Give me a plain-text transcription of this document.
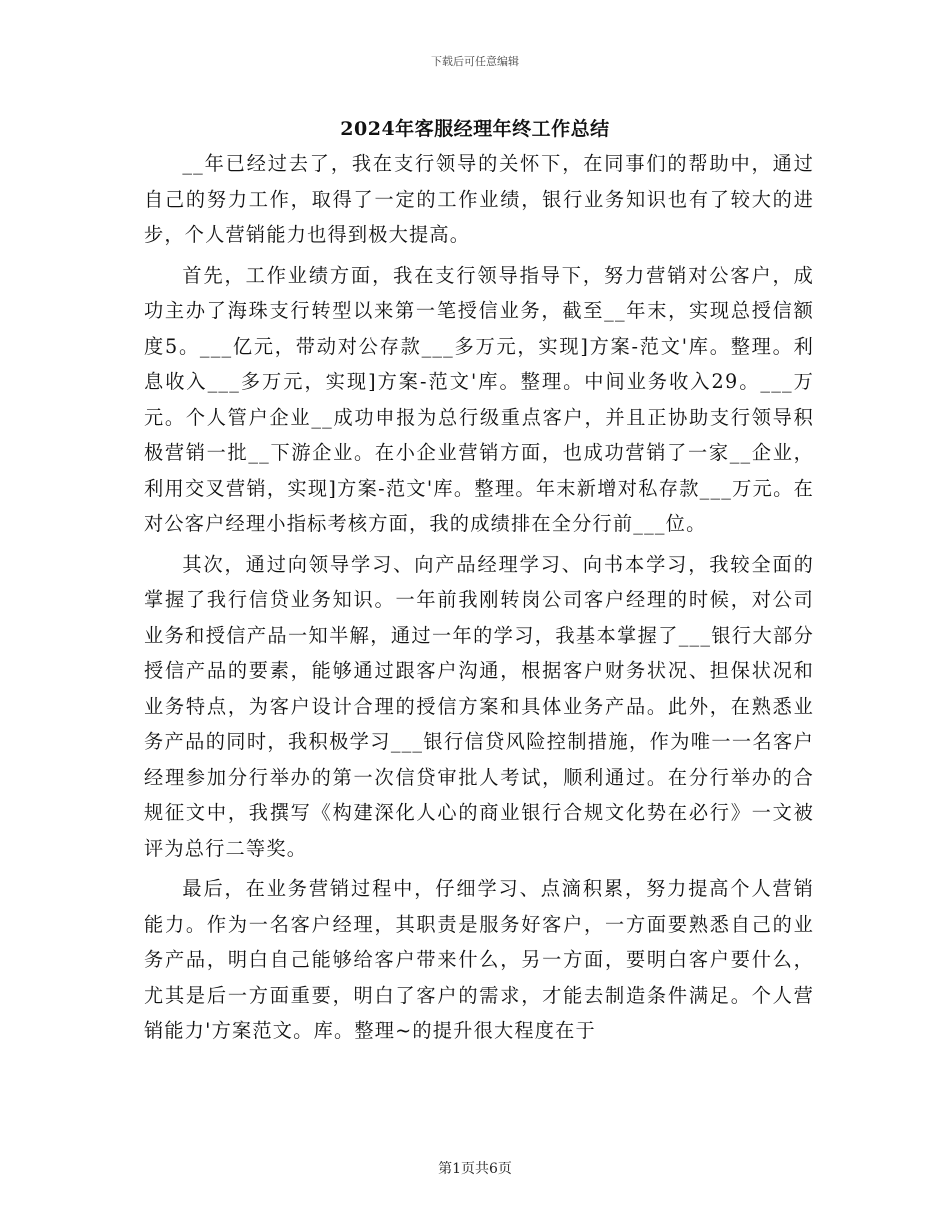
下载后可任意编辑
2024年客服经理年终工作总结

__年已经过去了，我在支行领导的关怀下，在同事们的帮助中，通过自己的努力工作，取得了一定的工作业绩，银行业务知识也有了较大的进步，个人营销能力也得到极大提高。

首先，工作业绩方面，我在支行领导指导下，努力营销对公客户，成功主办了海珠支行转型以来第一笔授信业务，截至__年末，实现总授信额度5。___亿元，带动对公存款___多万元，实现]方案-范文'库。整理。利息收入___多万元，实现]方案-范文'库。整理。中间业务收入29。___万元。个人管户企业__成功申报为总行级重点客户，并且正协助支行领导积极营销一批__下游企业。在小企业营销方面，也成功营销了一家__企业，利用交叉营销，实现]方案-范文'库。整理。年末新增对私存款___万元。在对公客户经理小指标考核方面，我的成绩排在全分行前___位。

其次，通过向领导学习、向产品经理学习、向书本学习，我较全面的掌握了我行信贷业务知识。一年前我刚转岗公司客户经理的时候，对公司业务和授信产品一知半解，通过一年的学习，我基本掌握了___银行大部分授信产品的要素，能够通过跟客户沟通，根据客户财务状况、担保状况和业务特点，为客户设计合理的授信方案和具体业务产品。此外，在熟悉业务产品的同时，我积极学习___银行信贷风险控制措施，作为唯一一名客户经理参加分行举办的第一次信贷审批人考试，顺利通过。在分行举办的合规征文中，我撰写《构建深化人心的商业银行合规文化势在必行》一文被评为总行二等奖。

最后，在业务营销过程中，仔细学习、点滴积累，努力提高个人营销能力。作为一名客户经理，其职责是服务好客户，一方面要熟悉自己的业务产品，明白自己能够给客户带来什么，另一方面，要明白客户要什么，尤其是后一方面重要，明白了客户的需求，才能去制造条件满足。个人营销能力'方案范文。库。整理~的提升很大程度在于

第1页共6页
